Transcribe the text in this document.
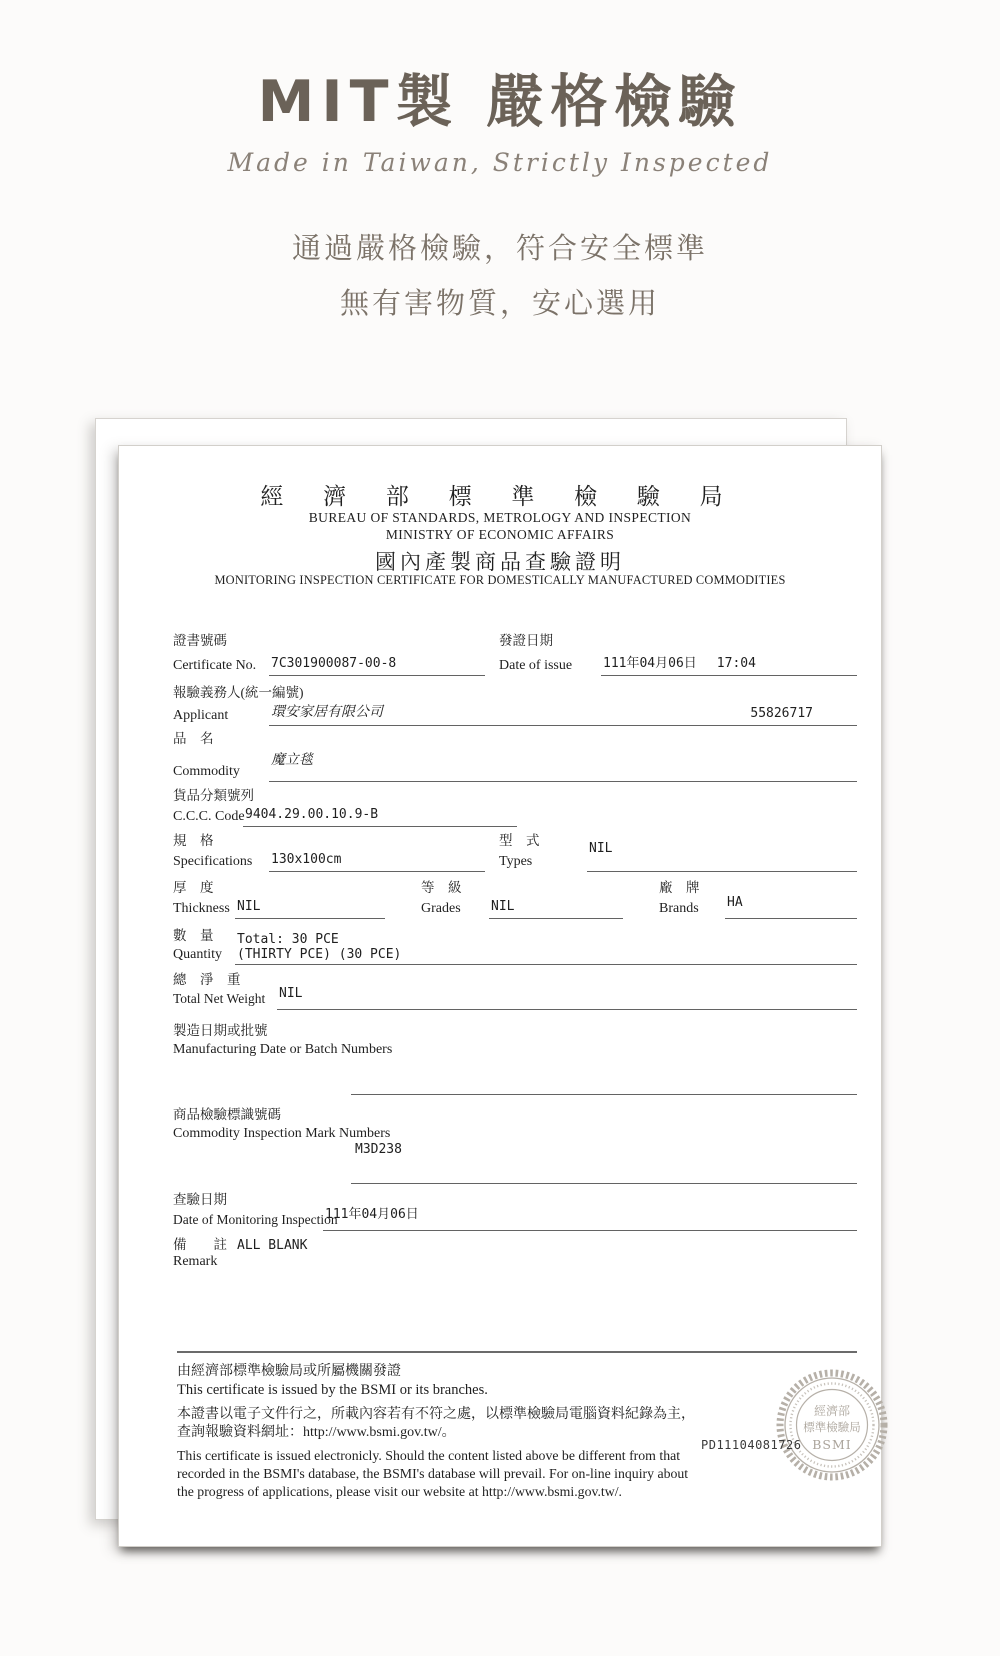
MIT製 嚴格檢驗
Made in Taiwan, Strictly Inspected
通過嚴格檢驗，符合安全標準
無有害物質，安心選用
經 濟 部 標 準 檢 驗 局
BUREAU OF STANDARDS, METROLOGY AND INSPECTION
MINISTRY OF ECONOMIC AFFAIRS
國內產製商品查驗證明
MONITORING INSPECTION CERTIFICATE FOR DOMESTICALLY MANUFACTURED COMMODITIES
證書號碼
Certificate No.	7C301900087-00-8
發證日期
Date of issue	111年04月06日 17:04
報驗義務人(統一編號)
Applicant	環安家居有限公司	55826717
品　名
Commodity
魔立毯
貨品分類號列
C.C.C. Code 9404.29.00.10.9-B
規　格
Specifications	130x100cm
型　式
Types
NIL
厚　度
Thickness NIL
等　級
Grades	NIL
廠　牌
Brands	HA
數　量
Quantity
Total: 30 PCE
(THIRTY PCE) (30 PCE)
總　淨　重
Total Net Weight	NIL
製造日期或批號
Manufacturing Date or Batch Numbers
商品檢驗標識號碼
Commodity Inspection Mark Numbers
M3D238
查驗日期
Date of Monitoring Inspection
111年04月06日
備　　註
Remark
ALL BLANK
由經濟部標準檢驗局或所屬機關發證
This certificate is issued by the BSMI or its branches.
本證書以電子文件行之，所載內容若有不符之處，以標準檢驗局電腦資料紀錄為主，
查詢報驗資料網址：http://www.bsmi.gov.tw/。
This certificate is issued electronicly. Should the content listed above be different from that recorded in the BSMI's database, the BSMI's database will prevail. For on-line inquiry about the progress of applications, please visit our website at http://www.bsmi.gov.tw/.
經濟部
標準檢驗局
BSMI
PD11104081726
